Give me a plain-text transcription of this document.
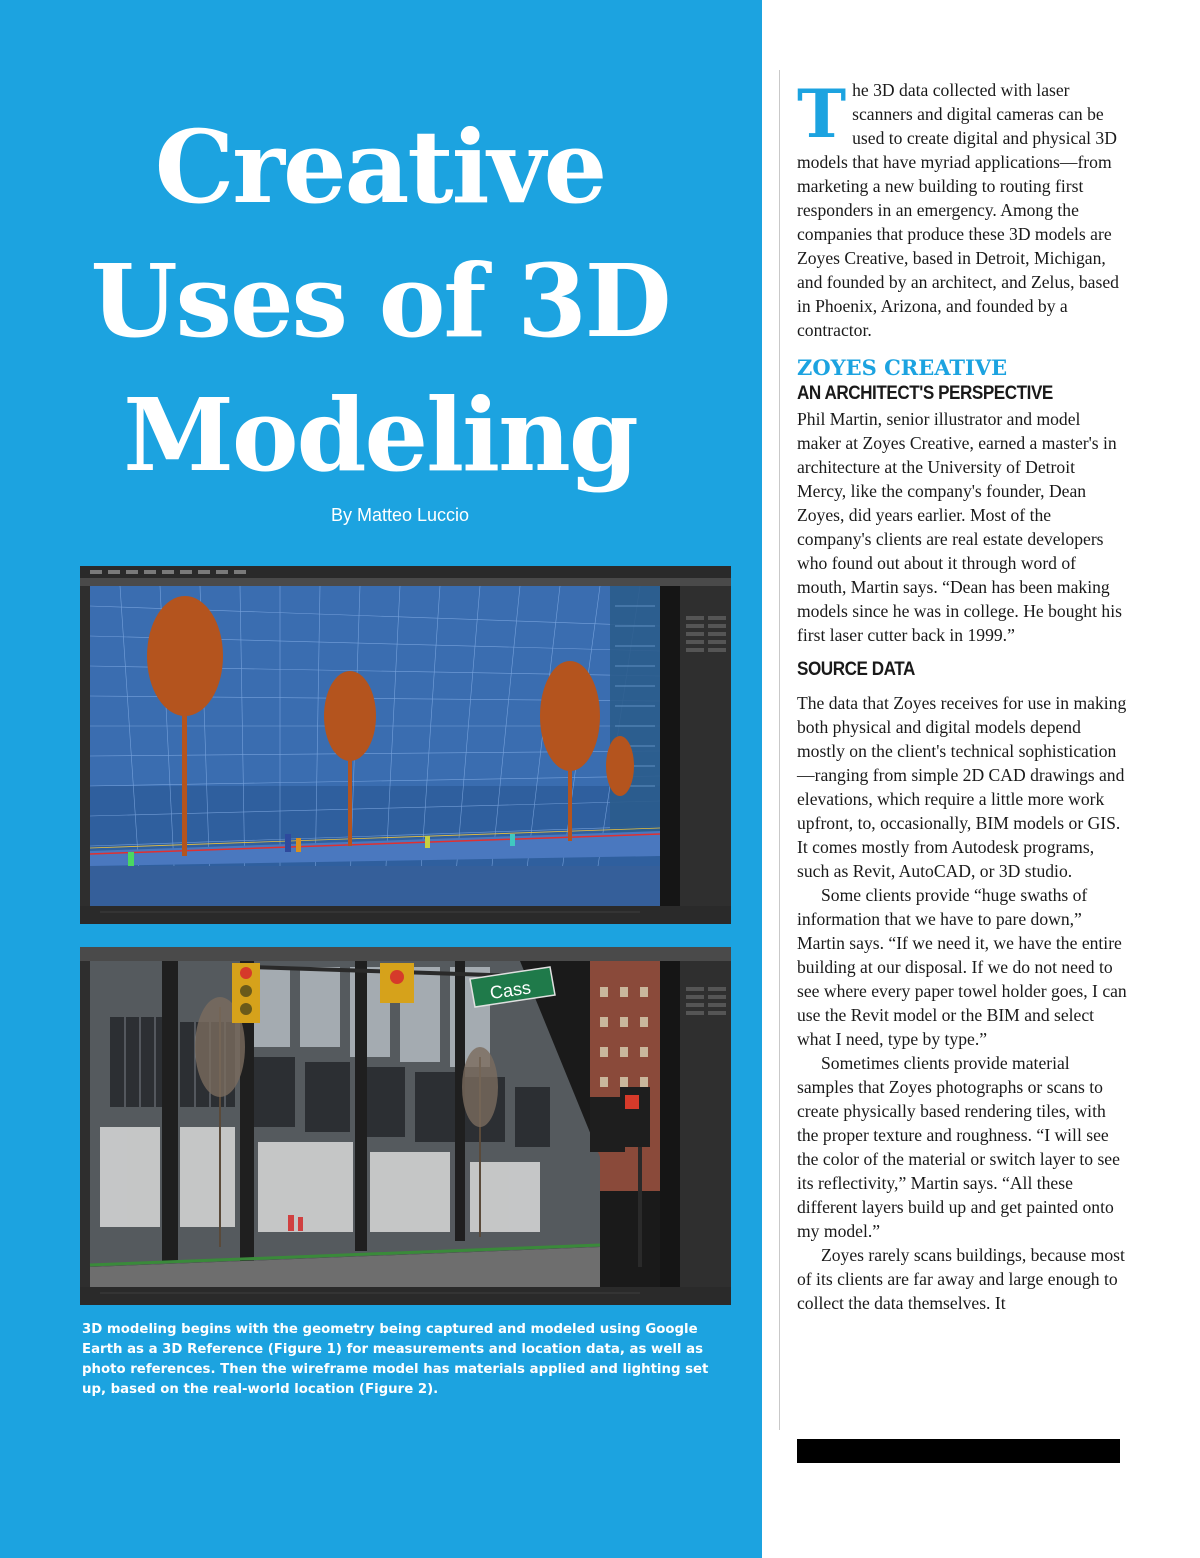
Creative
Uses of 3D
Modeling

By Matteo Luccio

Cass

3D modeling begins with the geometry being captured and modeled using Google Earth as a 3D Reference (Figure 1) for measurements and location data, as well as photo references. Then the wireframe model has materials applied and lighting set up, based on the real-world location (Figure 2).

The 3D data collected with laser scanners and digital cameras can be used to create digital and physical 3D models that have myriad applications—from marketing a new building to routing first responders in an emergency. Among the companies that produce these 3D models are Zoyes Creative, based in Detroit, Michigan, and founded by an architect, and Zelus, based in Phoenix, Arizona, and founded by a contractor.

ZOYES CREATIVE
AN ARCHITECT'S PERSPECTIVE

Phil Martin, senior illustrator and model maker at Zoyes Creative, earned a master's in architecture at the University of Detroit Mercy, like the company's founder, Dean Zoyes, did years earlier. Most of the company's clients are real estate developers who found out about it through word of mouth, Martin says. “Dean has been making models since he was in college. He bought his first laser cutter back in 1999.”

SOURCE DATA

The data that Zoyes receives for use in making both physical and digital models depend mostly on the client's technical sophistication—ranging from simple 2D CAD drawings and elevations, which require a little more work upfront, to, occasionally, BIM models or GIS. It comes mostly from Autodesk programs, such as Revit, AutoCAD, or 3D studio.

Some clients provide “huge swaths of information that we have to pare down,” Martin says. “If we need it, we have the entire building at our disposal. If we do not need to see where every paper towel holder goes, I can use the Revit model or the BIM and select what I need, type by type.”

Sometimes clients provide material samples that Zoyes photographs or scans to create physically based rendering tiles, with the proper texture and roughness. “I will see the color of the material or switch layer to see its reflectivity,” Martin says. “All these different layers build up and get painted onto my model.”

Zoyes rarely scans buildings, because most of its clients are far away and large enough to collect the data themselves. It
